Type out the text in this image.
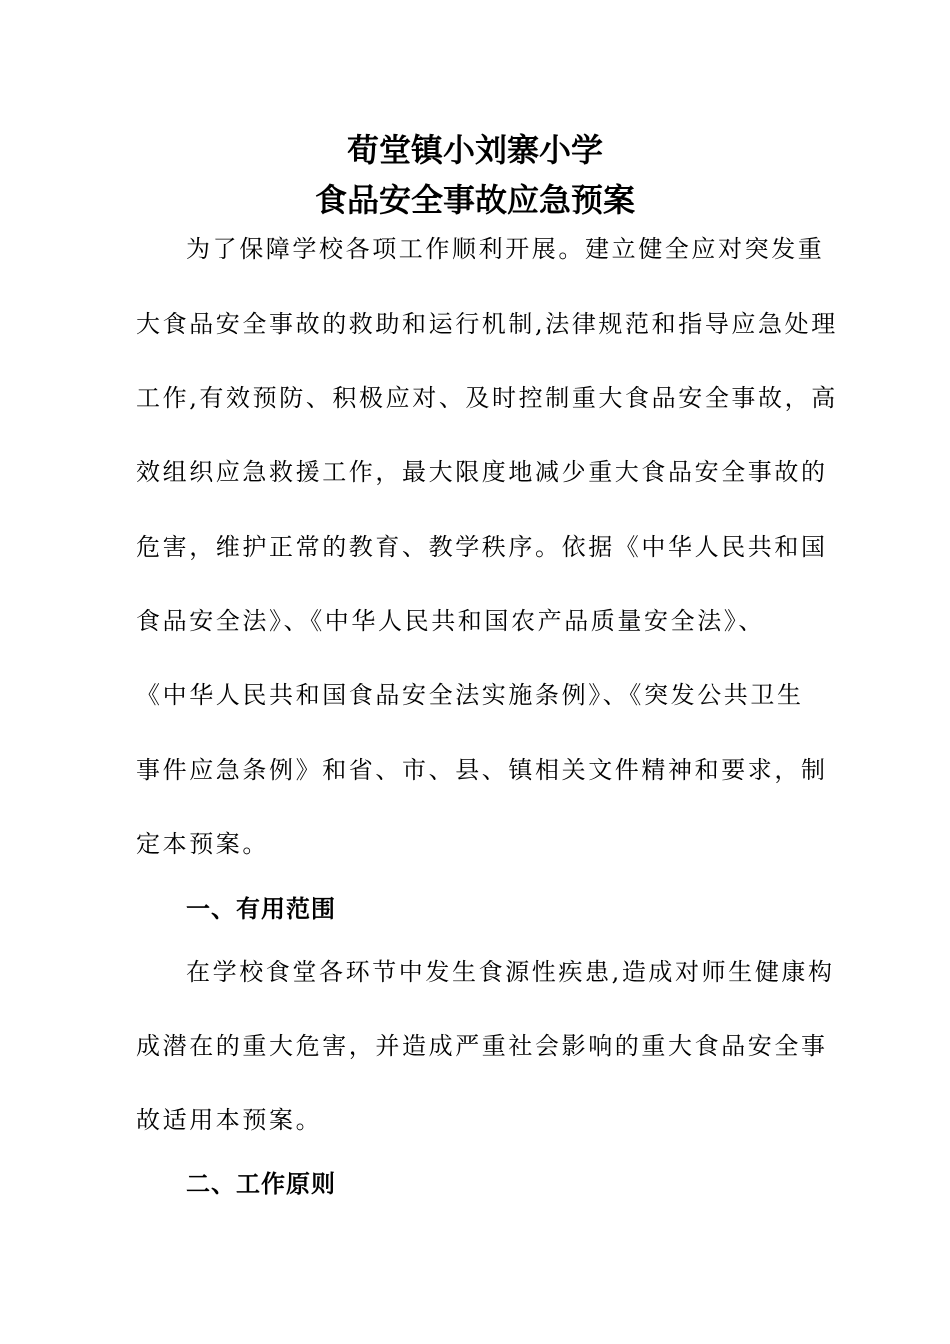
荀堂镇小刘寨小学
食品安全事故应急预案

为了保障学校各项工作顺利开展。建立健全应对突发重

大食品安全事故的救助和运行机制,法律规范和指导应急处理

工作,有效预防、积极应对、及时控制重大食品安全事故，高

效组织应急救援工作，最大限度地减少重大食品安全事故的

危害，维护正常的教育、教学秩序。依据《中华人民共和国

食品安全法》、《中华人民共和国农产品质量安全法》、

《中华人民共和国食品安全法实施条例》、《突发公共卫生

事件应急条例》和省、市、县、镇相关文件精神和要求，制

定本预案。

一、有用范围

在学校食堂各环节中发生食源性疾患,造成对师生健康构

成潜在的重大危害，并造成严重社会影响的重大食品安全事

故适用本预案。

二、工作原则
